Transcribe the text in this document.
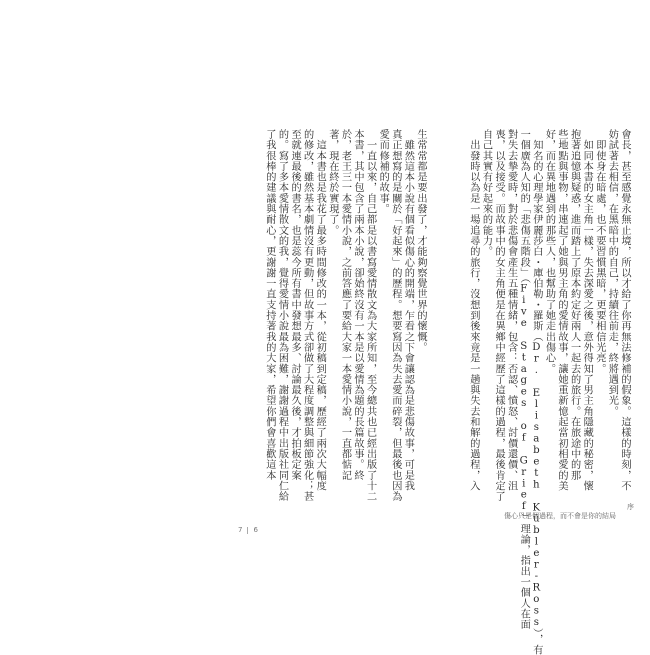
生常常都是要出發了，才能夠察覺世界的懷慨。
　雖然這本小說有個看似傷心的開端，乍看之下會讓認為是悲傷故事，可是我
真正想寫的是關於「好起來」的歷程。想要寫因為失去愛而碎裂，但最後也因為
愛而修補的故事。
　一直以來，自己都是以書寫愛情散文為大家所知，至今總共也已經出版了十二
本書，其中包含了兩本小說，卻始終沒有一本是以愛情為題的長篇故事。終
於，老王三一本愛情小說，之前答應了要給大家一本愛情小說，一直都惦記
著，現在終於實現了。
　這本書也是我花了最多時間修改的一本，從初稿到定稿，歷經了兩次大幅度
的修改，雖然基本劇情沒有更動，但故事方式卻做了大程度調整與細節強化；甚
至就連最後的書名，也是蕊今所有書中發想最多、討論最久後，才拍板定案
的。寫了多本愛情散文的我，覺得愛情小說最為困難，謝謝過程中出版社同仁給
了我很棒的建議與耐心，更謝謝一直支持著我的大家，希望你們會喜歡這本	會長，甚至感覺永無止境，所以才給了你再無法修補的假象。這樣的時刻，不
妨試著去相信，在黑暗中的自己，持續往前走，終將遇到光。
　即使身在暗處，也不要習慣黑暗，更要相信光亮。
　如同本書的女主角一樣，失去深愛之後，意外得知了男主角隱藏的秘密，懷
抱著追憶與疑惑，進而踏上了原本約定好兩人一起去的旅行。在旅途中的那
些地點與事物，串連起了她與男主角的愛情故事，讓她重新憶起當初相愛的美
好，而在異地遇到的那些人，也幫助了她走出傷心。
　知名的心理學家伊麗莎白・庫伯勒・羅斯（Dr. Elisabeth Kübler-Ross），有
一個廣為人知的「悲傷五階段」（Five Stages of Grief）理論，指出一個人在面
對失去摯愛時，對於悲傷會產生五種情緒，包含：否認、憤怒、討價還價、沮
喪，以及接受。而故事中的女主角便是在異鄉中經歷了這樣的過程，最後肯定了
自己其實有好起來的能力。
　出發時以為是一場追尋的旅行，沒想到後來竟是一趟與失去和解的過程，入
序
傷心只是個過程，而不會是你的結局
7 6
